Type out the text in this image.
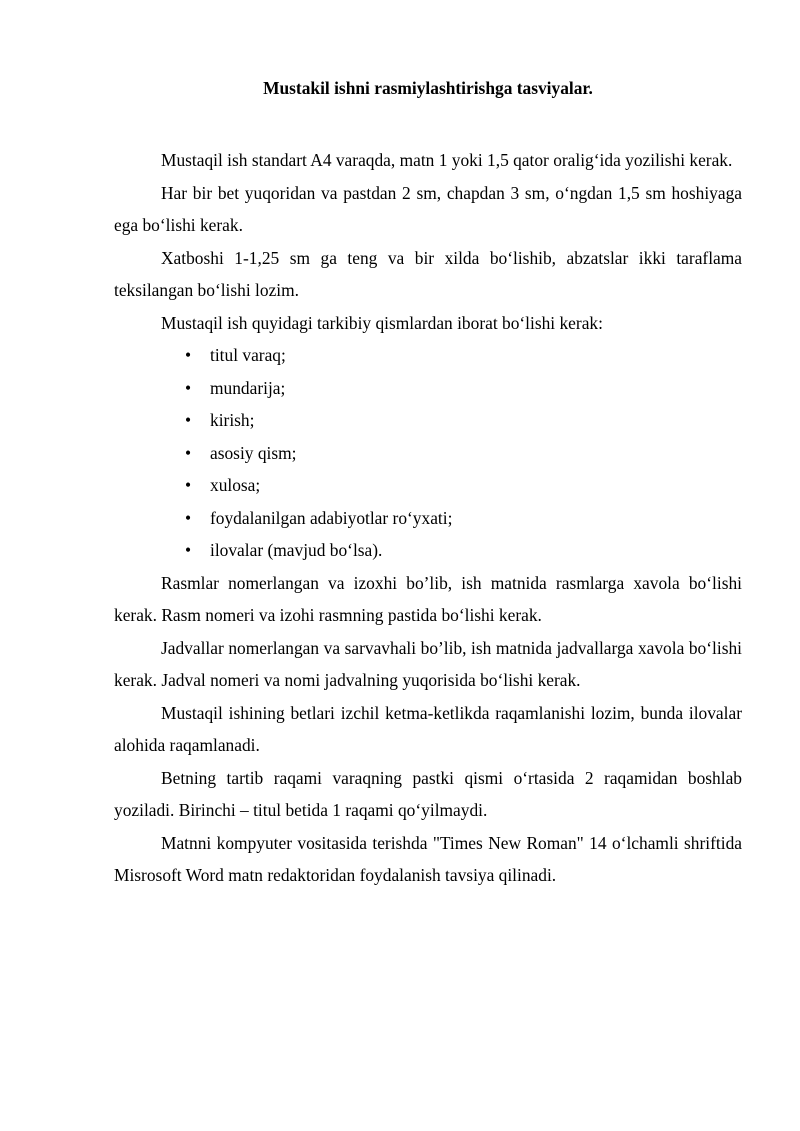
Mustakil ishni rasmiylashtirishga tasviyalar.

Mustaqil ish standart A4 varaqda, matn 1 yoki 1,5 qator oralig‘ida yozilishi kerak.

Har bir bet yuqoridan va pastdan 2 sm, chapdan 3 sm, o‘ngdan 1,5 sm hoshiyaga ega bo‘lishi kerak.

Xatboshi 1-1,25 sm ga teng va bir xilda bo‘lishib, abzatslar ikki taraflama teksilangan bo‘lishi lozim.

Mustaqil ish quyidagi tarkibiy qismlardan iborat bo‘lishi kerak:

• titul varaq;
• mundarija;
• kirish;
• asosiy qism;
• xulosa;
• foydalanilgan adabiyotlar ro‘yxati;
• ilovalar (mavjud bo‘lsa).

Rasmlar nomerlangan va izoxhi bo’lib, ish matnida rasmlarga xavola bo‘lishi kerak. Rasm nomeri va izohi rasmning pastida bo‘lishi kerak.

Jadvallar nomerlangan va sarvavhali bo’lib, ish matnida jadvallarga xavola bo‘lishi kerak. Jadval nomeri va nomi jadvalning yuqorisida bo‘lishi kerak.

Mustaqil ishining betlari izchil ketma-ketlikda raqamlanishi lozim, bunda ilovalar alohida raqamlanadi.

Betning tartib raqami varaqning pastki qismi o‘rtasida 2 raqamidan boshlab yoziladi. Birinchi – titul betida 1 raqami qo‘yilmaydi.

Matnni kompyuter vositasida terishda "Times New Roman" 14 o‘lchamli shriftida Misrosoft Word matn redaktoridan foydalanish tavsiya qilinadi.
